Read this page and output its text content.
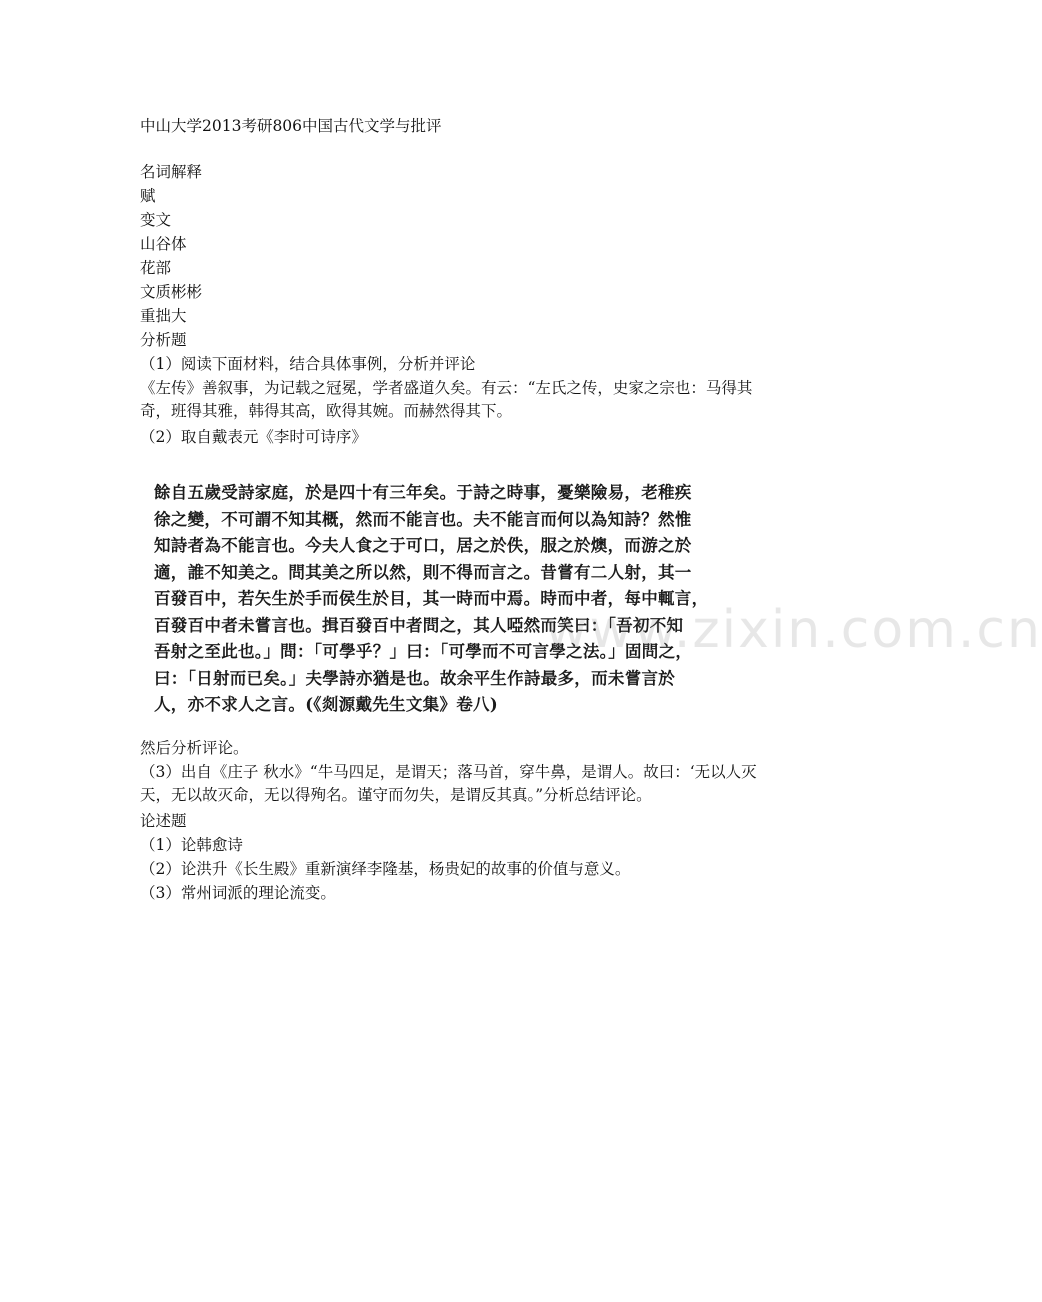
中山大学2013考研806中国古代文学与批评
名词解释
赋
变文
山谷体
花部
文质彬彬
重拙大
分析题
（1）阅读下面材料，结合具体事例，分析并评论
《左传》善叙事，为记载之冠冕，学者盛道久矣。有云：“左氏之传，史家之宗也：马得其
奇，班得其雅，韩得其高，欧得其婉。而赫然得其下。
（2）取自戴表元《李时可诗序》
餘自五歲受詩家庭，於是四十有三年矣。于詩之時事，憂樂險易，老稚疾
徐之變，不可謂不知其概，然而不能言也。夫不能言而何以為知詩？然惟
知詩者為不能言也。今夫人食之于可口，居之於佚，服之於燠，而游之於
適，誰不知美之。問其美之所以然，則不得而言之。昔嘗有二人射，其一
百發百中，若矢生於手而侯生於目，其一時而中焉。時而中者，每中輒言，
百發百中者未嘗言也。揖百發百中者問之，其人啞然而笑曰：「吾初不知
吾射之至此也。」問：「可學乎？」曰：「可學而不可言學之法。」固問之，
曰：「日射而已矣。」夫學詩亦猶是也。故余平生作詩最多，而未嘗言於
人，亦不求人之言。(《剡源戴先生文集》卷八)
www.zixin.com.cn
然后分析评论。
（3）出自《庄子 秋水》“牛马四足，是谓天；落马首，穿牛鼻，是谓人。故曰：‘无以人灭
天，无以故灭命，无以得殉名。谨守而勿失，是谓反其真。”分析总结评论。
论述题
（1）论韩愈诗
（2）论洪升《长生殿》重新演绎李隆基，杨贵妃的故事的价值与意义。
（3）常州词派的理论流变。
